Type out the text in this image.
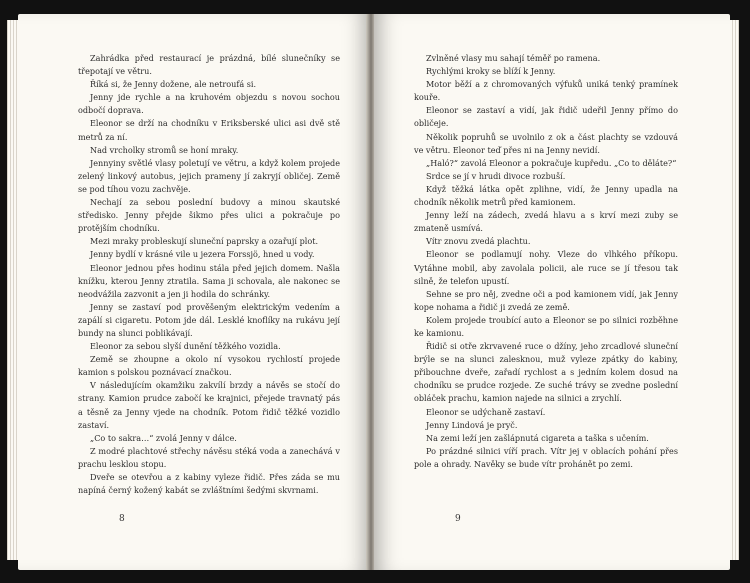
Zahrádka před restaurací je prázdná, bílé slunečníky se třepotají ve větru.

Říká si, že Jenny dožene, ale netroufá si.

Jenny jde rychle a na kruhovém objezdu s novou sochou odbočí doprava.

Eleonor se drží na chodníku v Eriksberské ulici asi dvě stě metrů za ní.

Nad vrcholky stromů se honí mraky.

Jennyiny světlé vlasy poletují ve větru, a když kolem projede zelený linkový autobus, jejich prameny jí zakryjí obličej. Země se pod tíhou vozu zachvěje.

Nechají za sebou poslední budovy a minou skautské středisko. Jenny přejde šikmo přes ulici a pokračuje po protějším chodníku.

Mezi mraky probleskují sluneční paprsky a ozařují plot.

Jenny bydlí v krásné vile u jezera Forssjö, hned u vody.

Eleonor jednou přes hodinu stála před jejich domem. Našla knížku, kterou Jenny ztratila. Sama ji schovala, ale nakonec se neodvážila zazvonit a jen ji hodila do schránky.

Jenny se zastaví pod prověšeným elektrickým vedením a zapálí si cigaretu. Potom jde dál. Lesklé knoflíky na rukávu její bundy na slunci poblikávají.

Eleonor za sebou slyší dunění těžkého vozidla.

Země se zhoupne a okolo ní vysokou rychlostí projede kamion s polskou poznávací značkou.

V následujícím okamžiku zakvílí brzdy a návěs se stočí do strany. Kamion prudce zabočí ke krajnici, přejede travnatý pás a těsně za Jenny vjede na chodník. Potom řidič těžké vozidlo zastaví.

„Co to sakra…“ zvolá Jenny v dálce.

Z modré plachtové střechy návěsu stéká voda a zanechává v prachu lesklou stopu.

Dveře se otevřou a z kabiny vyleze řidič. Přes záda se mu napíná černý kožený kabát se zvláštními šedými skvrnami.

8

Zvlněné vlasy mu sahají téměř po ramena.

Rychlými kroky se blíží k Jenny.

Motor běží a z chromovaných výfuků uniká tenký pramínek kouře.

Eleonor se zastaví a vidí, jak řidič udeřil Jenny přímo do obličeje.

Několik popruhů se uvolnilo z ok a část plachty se vzdouvá ve větru. Eleonor teď přes ni na Jenny nevidí.

„Haló?“ zavolá Eleonor a pokračuje kupředu. „Co to děláte?“

Srdce se jí v hrudi divoce rozbuší.

Když těžká látka opět zplihne, vidí, že Jenny upadla na chodník několik metrů před kamionem.

Jenny leží na zádech, zvedá hlavu a s krví mezi zuby se zmateně usmívá.

Vítr znovu zvedá plachtu.

Eleonor se podlamují nohy. Vleze do vlhkého příkopu. Vytáhne mobil, aby zavolala policii, ale ruce se jí třesou tak silně, že telefon upustí.

Sehne se pro něj, zvedne oči a pod kamionem vidí, jak Jenny kope nohama a řidič ji zvedá ze země.

Kolem projede troubící auto a Eleonor se po silnici rozběhne ke kamionu.

Řidič si otře zkrvavené ruce o džíny, jeho zrcadlové sluneční brýle se na slunci zalesknou, muž vyleze zpátky do kabiny, přibouchne dveře, zařadí rychlost a s jedním kolem dosud na chodníku se prudce rozjede. Ze suché trávy se zvedne poslední obláček prachu, kamion najede na silnici a zrychlí.

Eleonor se udýchaně zastaví.

Jenny Lindová je pryč.

Na zemi leží jen zašlápnutá cigareta a taška s učením.

Po prázdné silnici víří prach. Vítr jej v oblacích pohání přes pole a ohrady. Navěky se bude vítr prohánět po zemi.

9
